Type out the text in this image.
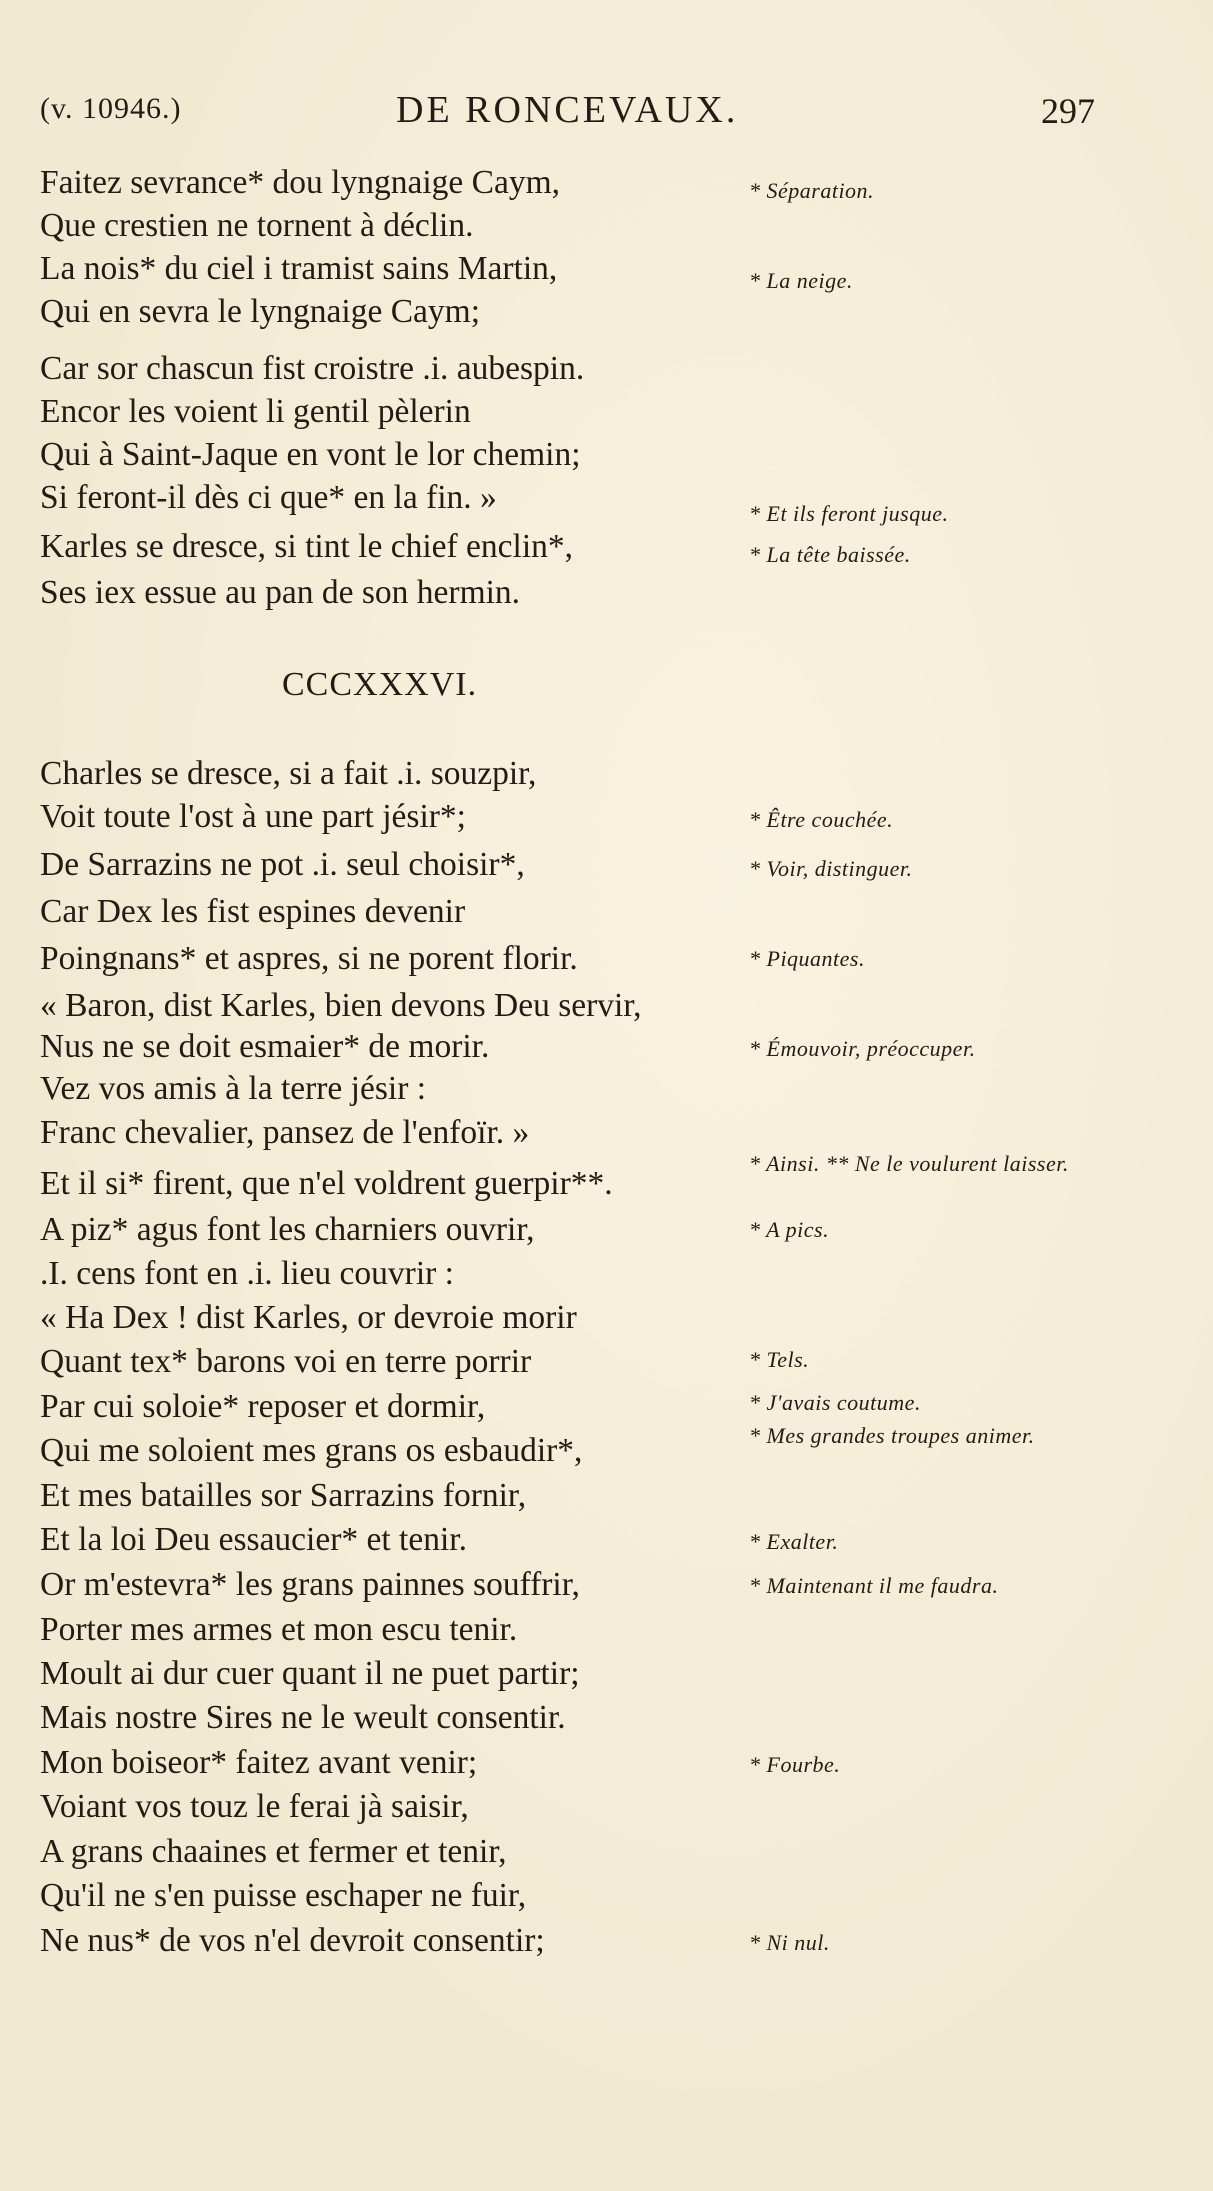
(v. 10946.)	DE RONCEVAUX.	297
Faitez sevrance* dou lyngnaige Caym,
Que crestien ne tornent à déclin.
La nois* du ciel i tramist sains Martin,
Qui en sevra le lyngnaige Caym;
Car sor chascun fist croistre .i. aubespin.
Encor les voient li gentil pèlerin
Qui à Saint-Jaque en vont le lor chemin;
Si feront-il dès ci que* en la fin. »
Karles se dresce, si tint le chief enclin*,
Ses iex essue au pan de son hermin.
* Séparation.
* La neige.
* Et ils feront jusque.
* La tête baissée.
CCCXXXVI.
Charles se dresce, si a fait .i. souzpir,
Voit toute l'ost à une part jésir*;
De Sarrazins ne pot .i. seul choisir*,
Car Dex les fist espines devenir
Poingnans* et aspres, si ne porent florir.
« Baron, dist Karles, bien devons Deu servir,
Nus ne se doit esmaier* de morir.
Vez vos amis à la terre jésir :
Franc chevalier, pansez de l'enfoïr. »
Et il si* firent, que n'el voldrent guerpir**.
A piz* agus font les charniers ouvrir,
.I. cens font en .i. lieu couvrir :
« Ha Dex ! dist Karles, or devroie morir
Quant tex* barons voi en terre porrir
Par cui soloie* reposer et dormir,
Qui me soloient mes grans os esbaudir*,
Et mes batailles sor Sarrazins fornir,
Et la loi Deu essaucier* et tenir.
Or m'estevra* les grans painnes souffrir,
Porter mes armes et mon escu tenir.
Moult ai dur cuer quant il ne puet partir;
Mais nostre Sires ne le weult consentir.
Mon boiseor* faitez avant venir;
Voiant vos touz le ferai jà saisir,
A grans chaaines et fermer et tenir,
Qu'il ne s'en puisse eschaper ne fuir,
Ne nus* de vos n'el devroit consentir;
* Être couchée.
* Voir, distinguer.
* Piquantes.
* Émouvoir, préoccuper.
* Ainsi. ** Ne le voulurent laisser.
* A pics.
* Tels.
* J'avais coutume.
* Mes grandes troupes animer.
* Exalter.
* Maintenant il me faudra.
* Fourbe.
* Ni nul.
